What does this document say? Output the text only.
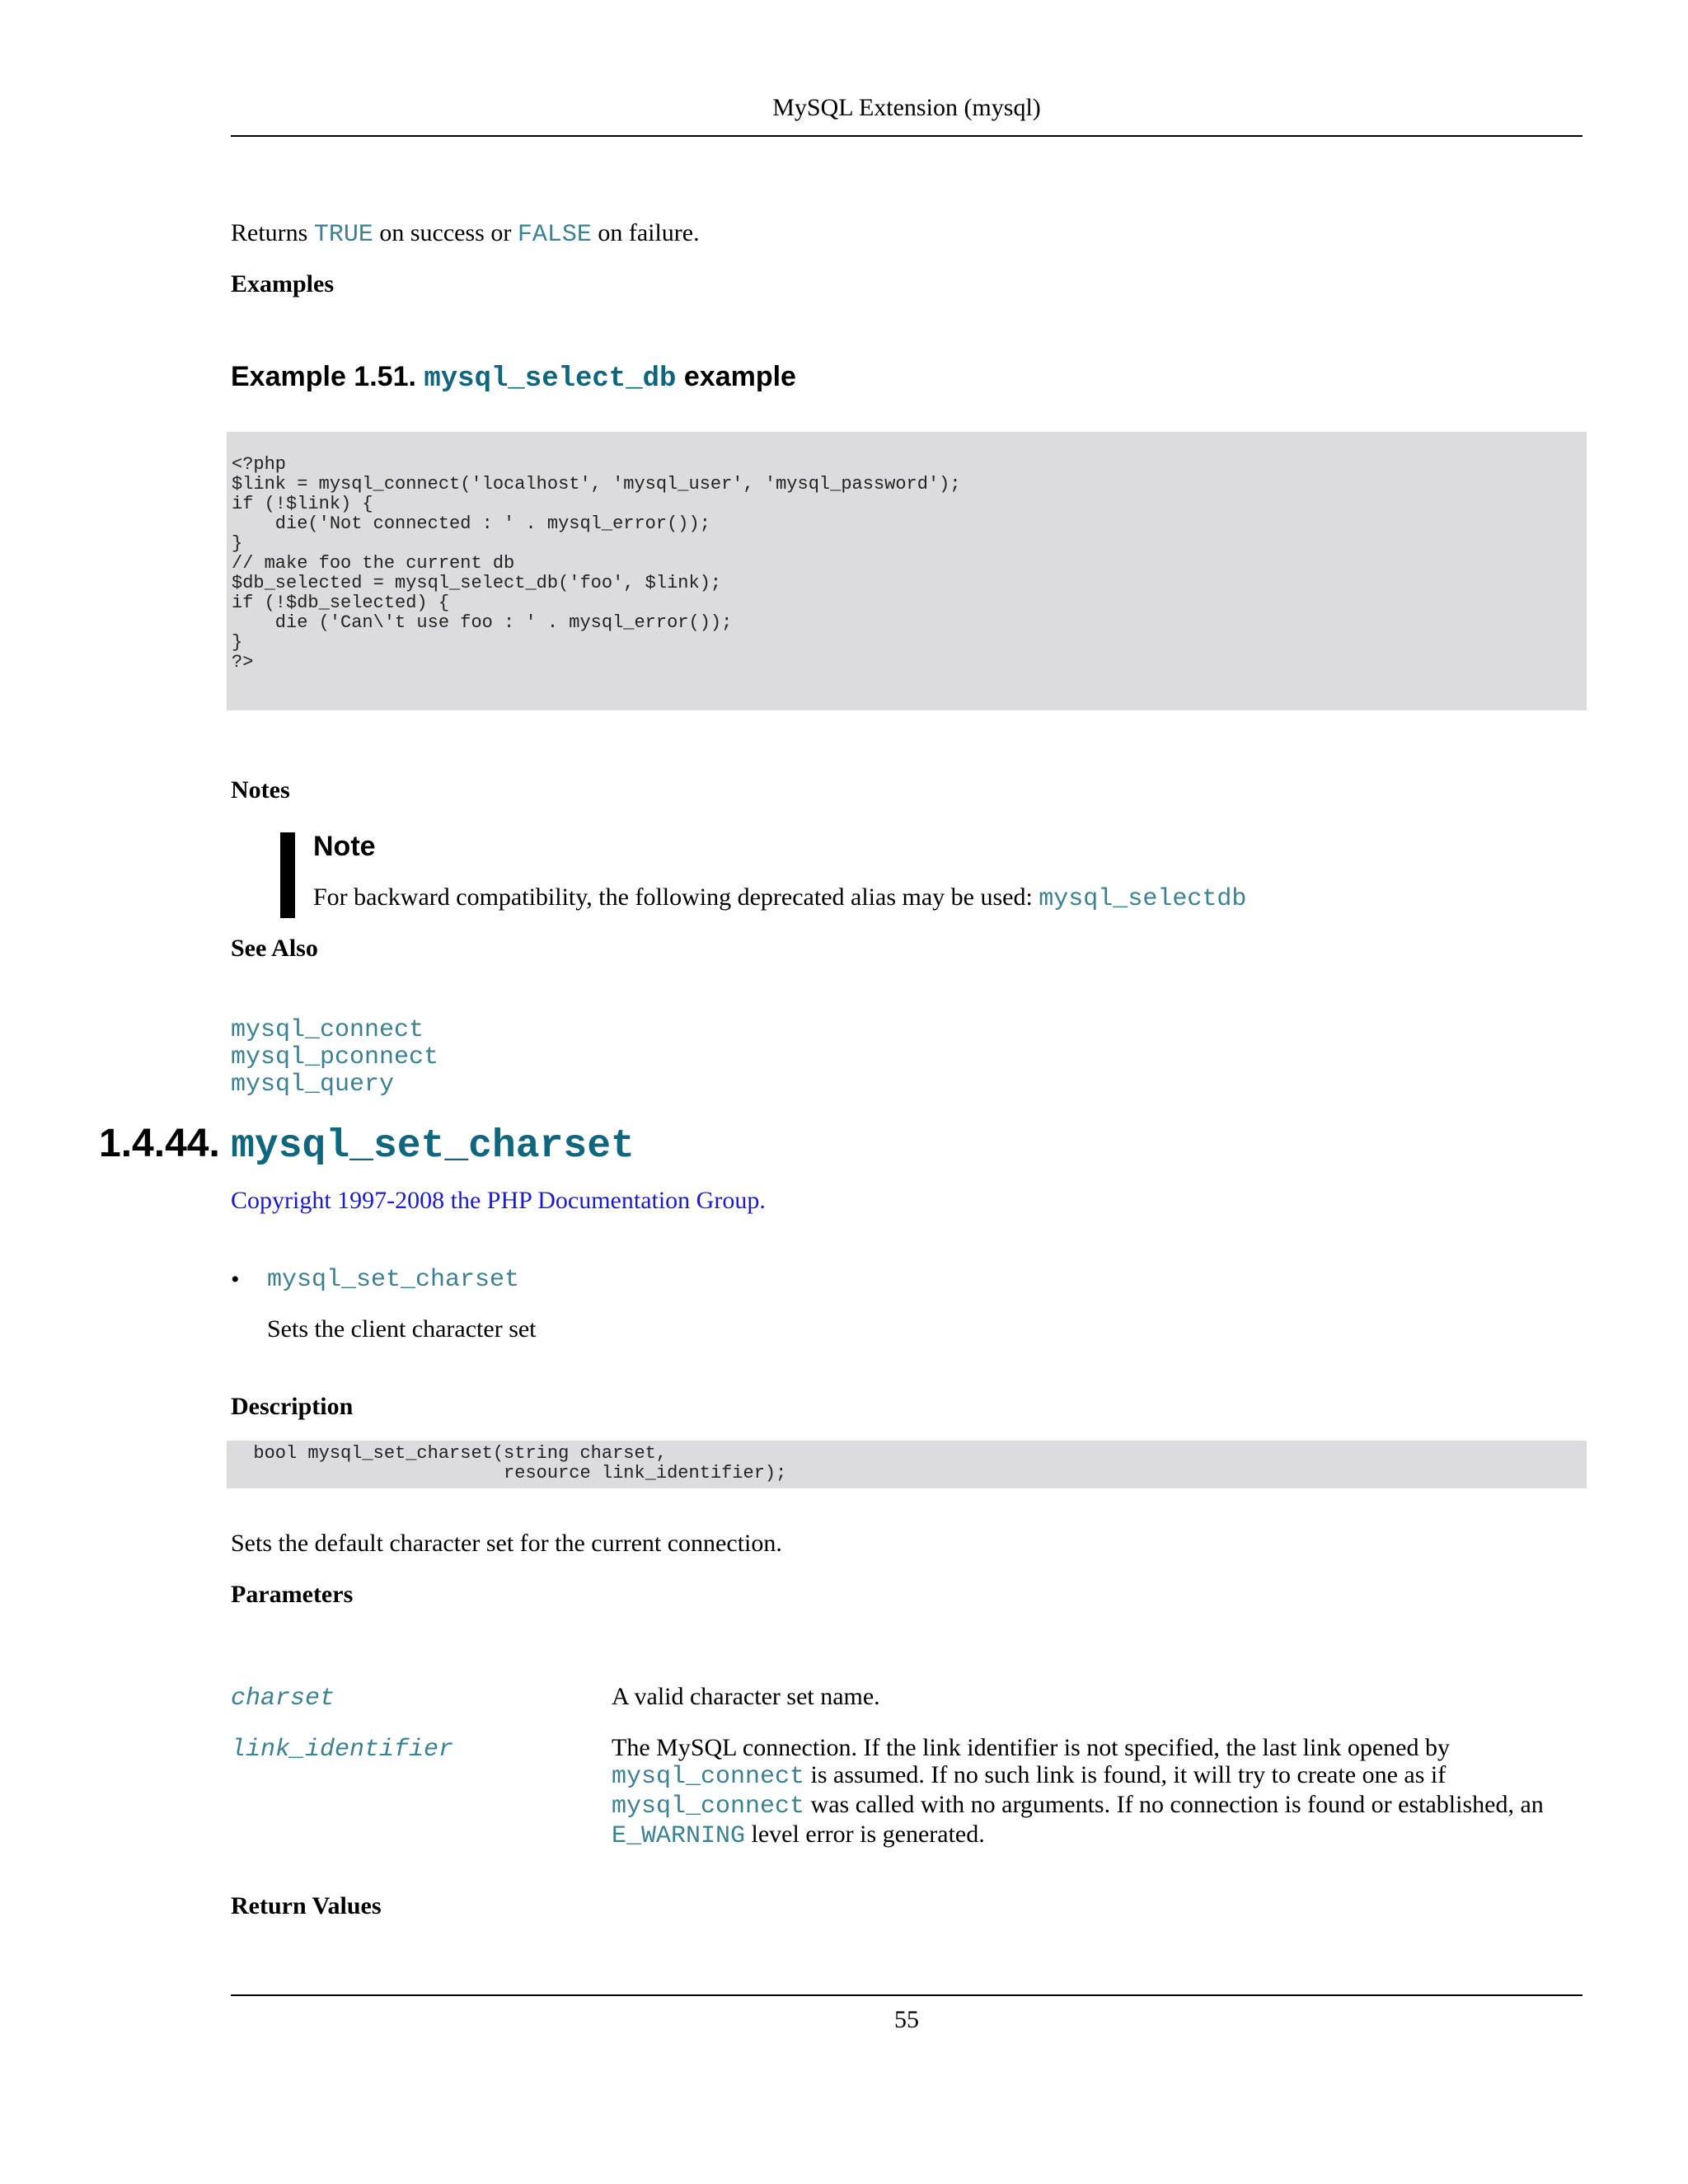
MySQL Extension (mysql)
Returns TRUE on success or FALSE on failure.
Examples
Example 1.51. mysql_select_db example
<?php
$link = mysql_connect('localhost', 'mysql_user', 'mysql_password');
if (!$link) {
die('Not connected : ' . mysql_error());
}
// make foo the current db
$db_selected = mysql_select_db('foo', $link);
if (!$db_selected) {
die ('Can\'t use foo : ' . mysql_error());
}
?>
Notes
Note
For backward compatibility, the following deprecated alias may be used: mysql_selectdb
See Also
mysql_connect
mysql_pconnect
mysql_query
1.4.44. mysql_set_charset
Copyright 1997-2008 the PHP Documentation Group.
• mysql_set_charset
Sets the client character set
Description
bool mysql_set_charset(string charset,
resource link_identifier);
Sets the default character set for the current connection.
Parameters
charset	A valid character set name.
link_identifier	The MySQL connection. If the link identifier is not specified, the last link opened by
mysql_connect is assumed. If no such link is found, it will try to create one as if
mysql_connect was called with no arguments. If no connection is found or established, an
E_WARNING level error is generated.
Return Values
55
